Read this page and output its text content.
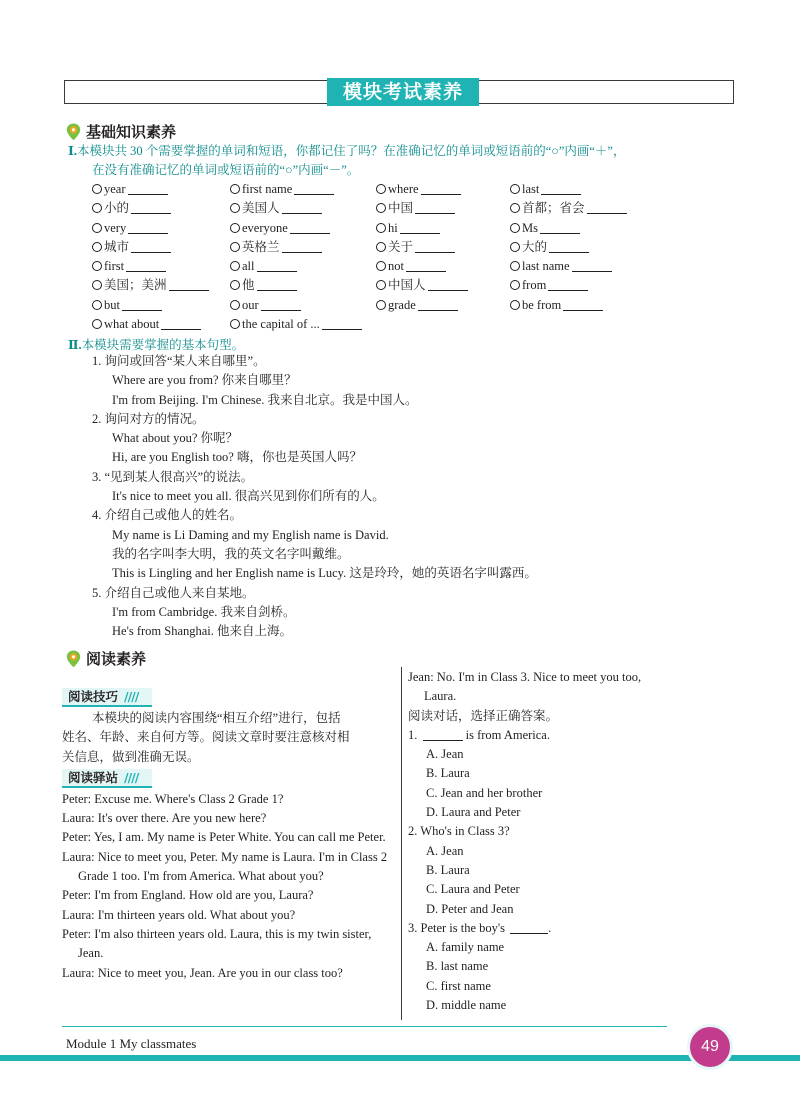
模块考试素养
基础知识素养
Ⅰ.本模块共 30 个需要掌握的单词和短语，你都记住了吗？在准确记忆的单词或短语前的“○”内画“＋”，
在没有准确记忆的单词或短语前的“○”内画“－”。
year	first name	where	last
小的	美国人	中国	首都；省会
very	everyone	hi	Ms
城市	英格兰	关于	大的
first	all	not	last name
美国；美洲	他	中国人	from
but	our	grade	be from
what about	the capital of ...
Ⅱ.本模块需要掌握的基本句型。
1. 询问或回答“某人来自哪里”。
Where are you from? 你来自哪里？
I'm from Beijing. I'm Chinese. 我来自北京。我是中国人。
2. 询问对方的情况。
What about you? 你呢？
Hi, are you English too? 嗨，你也是英国人吗？
3. “见到某人很高兴”的说法。
It's nice to meet you all. 很高兴见到你们所有的人。
4. 介绍自己或他人的姓名。
My name is Li Daming and my English name is David.
我的名字叫李大明，我的英文名字叫戴维。
This is Lingling and her English name is Lucy. 这是玲玲，她的英语名字叫露西。
5. 介绍自己或他人来自某地。
I'm from Cambridge. 我来自剑桥。
He's from Shanghai. 他来自上海。
阅读素养
阅读技巧 ////
本模块的阅读内容围绕“相互介绍”进行，包括
姓名、年龄、来自何方等。阅读文章时要注意核对相
关信息，做到准确无误。
阅读驿站 ////
Peter: Excuse me. Where's Class 2 Grade 1?
Laura: It's over there. Are you new here?
Peter: Yes, I am. My name is Peter White. You can call me Peter.
Laura: Nice to meet you, Peter. My name is Laura. I'm in Class 2 Grade 1 too. I'm from America. What about you?
Peter: I'm from England. How old are you, Laura?
Laura: I'm thirteen years old. What about you?
Peter: I'm also thirteen years old. Laura, this is my twin sister, Jean.
Laura: Nice to meet you, Jean. Are you in our class too?
Jean: No. I'm in Class 3. Nice to meet you too,
Laura.
阅读对话，选择正确答案。
1.	is from America.
A. Jean
B. Laura
C. Jean and her brother
D. Laura and Peter
2. Who's in Class 3?
A. Jean
B. Laura
C. Laura and Peter
D. Peter and Jean
3. Peter is the boy's	.
A. family name
B. last name
C. first name
D. middle name
Module 1 My classmates	49
